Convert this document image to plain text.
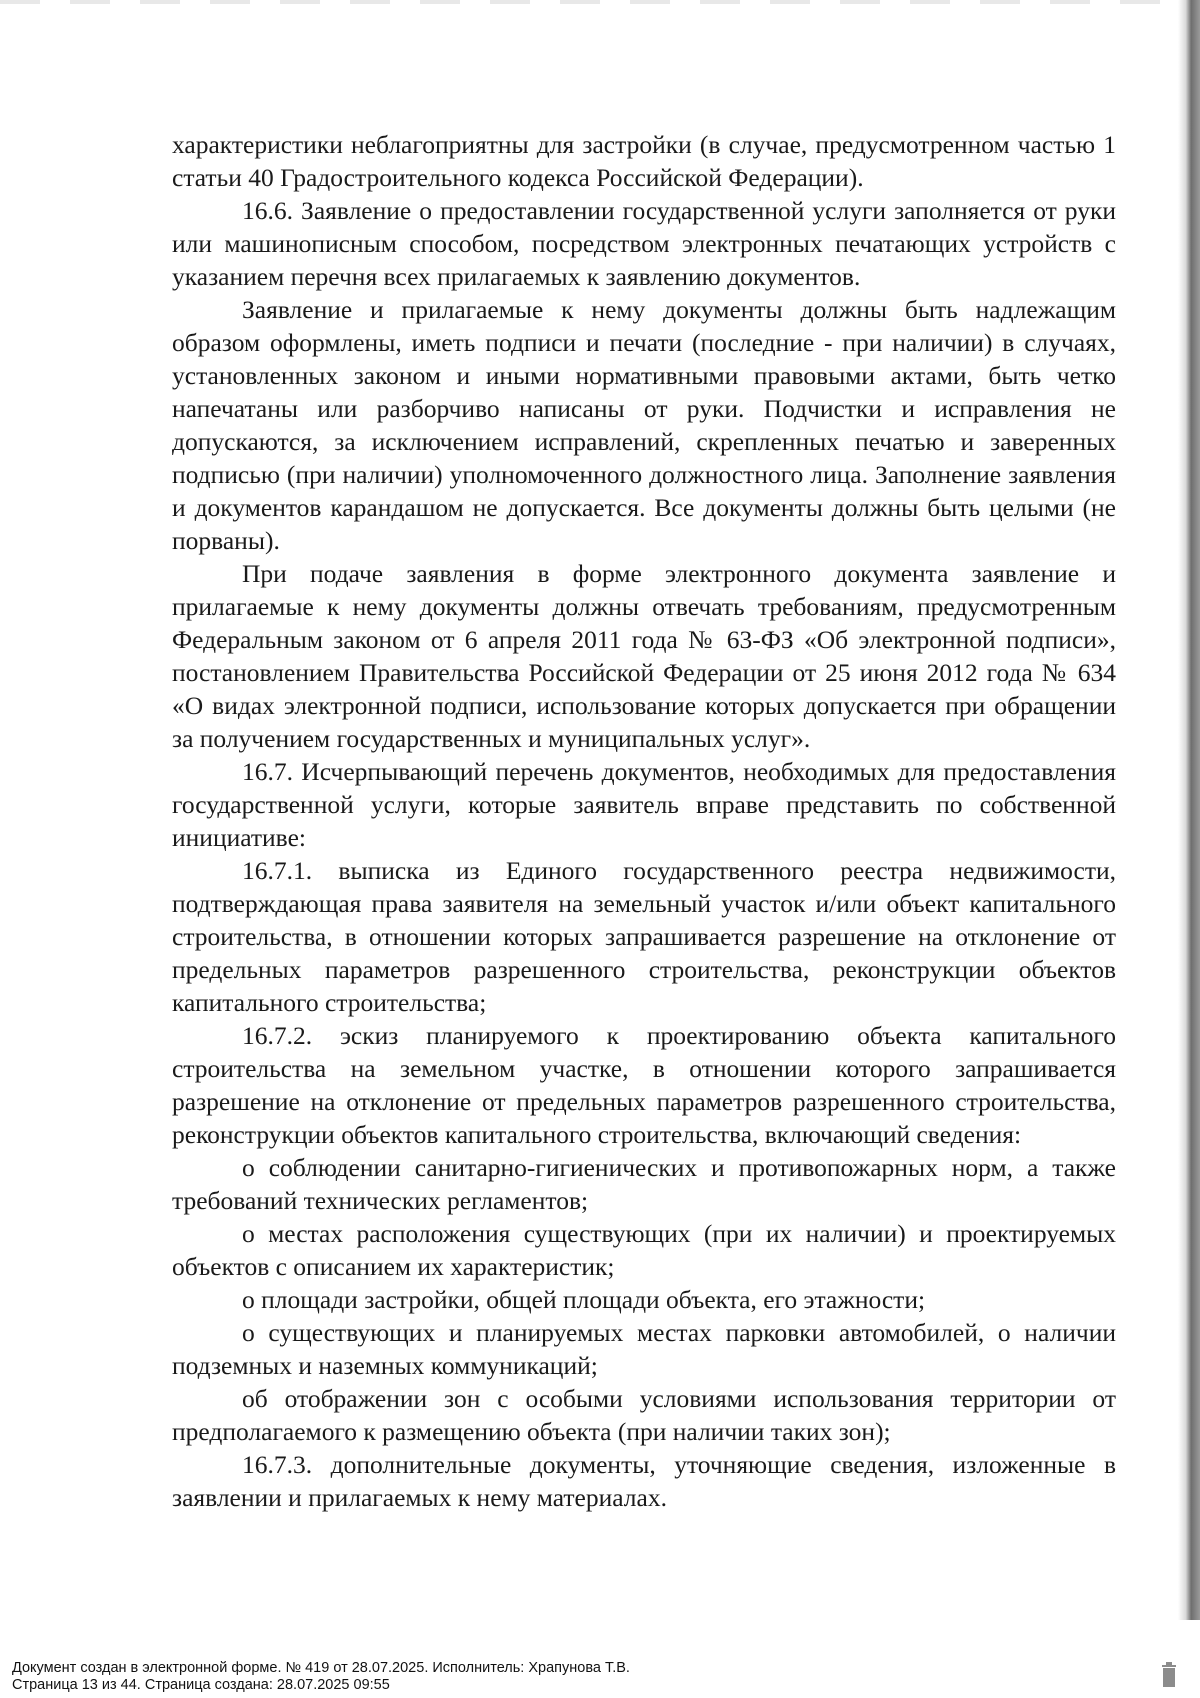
характеристики неблагоприятны для застройки (в случае, предусмотренном частью 1 статьи 40 Градостроительного кодекса Российской Федерации).

16.6. Заявление о предоставлении государственной услуги заполняется от руки или машинописным способом, посредством электронных печатающих устройств с указанием перечня всех прилагаемых к заявлению документов.

Заявление и прилагаемые к нему документы должны быть надлежащим образом оформлены, иметь подписи и печати (последние - при наличии) в случаях, установленных законом и иными нормативными правовыми актами, быть четко напечатаны или разборчиво написаны от руки. Подчистки и исправления не допускаются, за исключением исправлений, скрепленных печатью и заверенных подписью (при наличии) уполномоченного должностного лица. Заполнение заявления и документов карандашом не допускается. Все документы должны быть целыми (не порваны).

При подаче заявления в форме электронного документа заявление и прилагаемые к нему документы должны отвечать требованиям, предусмотренным Федеральным законом от 6 апреля 2011 года № 63-ФЗ «Об электронной подписи», постановлением Правительства Российской Федерации от 25 июня 2012 года № 634 «О видах электронной подписи, использование которых допускается при обращении за получением государственных и муниципальных услуг».

16.7. Исчерпывающий перечень документов, необходимых для предоставления государственной услуги, которые заявитель вправе представить по собственной инициативе:

16.7.1. выписка из Единого государственного реестра недвижимости, подтверждающая права заявителя на земельный участок и/или объект капитального строительства, в отношении которых запрашивается разрешение на отклонение от предельных параметров разрешенного строительства, реконструкции объектов капитального строительства;

16.7.2. эскиз планируемого к проектированию объекта капитального строительства на земельном участке, в отношении которого запрашивается разрешение на отклонение от предельных параметров разрешенного строительства, реконструкции объектов капитального строительства, включающий сведения:

о соблюдении санитарно-гигиенических и противопожарных норм, а также требований технических регламентов;

о местах расположения существующих (при их наличии) и проектируемых объектов с описанием их характеристик;

о площади застройки, общей площади объекта, его этажности;

о существующих и планируемых местах парковки автомобилей, о наличии подземных и наземных коммуникаций;

об отображении зон с особыми условиями использования территории от предполагаемого к размещению объекта (при наличии таких зон);

16.7.3. дополнительные документы, уточняющие сведения, изложенные в заявлении и прилагаемых к нему материалах.

Документ создан в электронной форме. № 419 от 28.07.2025. Исполнитель: Храпунова Т.В.
Страница 13 из 44. Страница создана: 28.07.2025 09:55
